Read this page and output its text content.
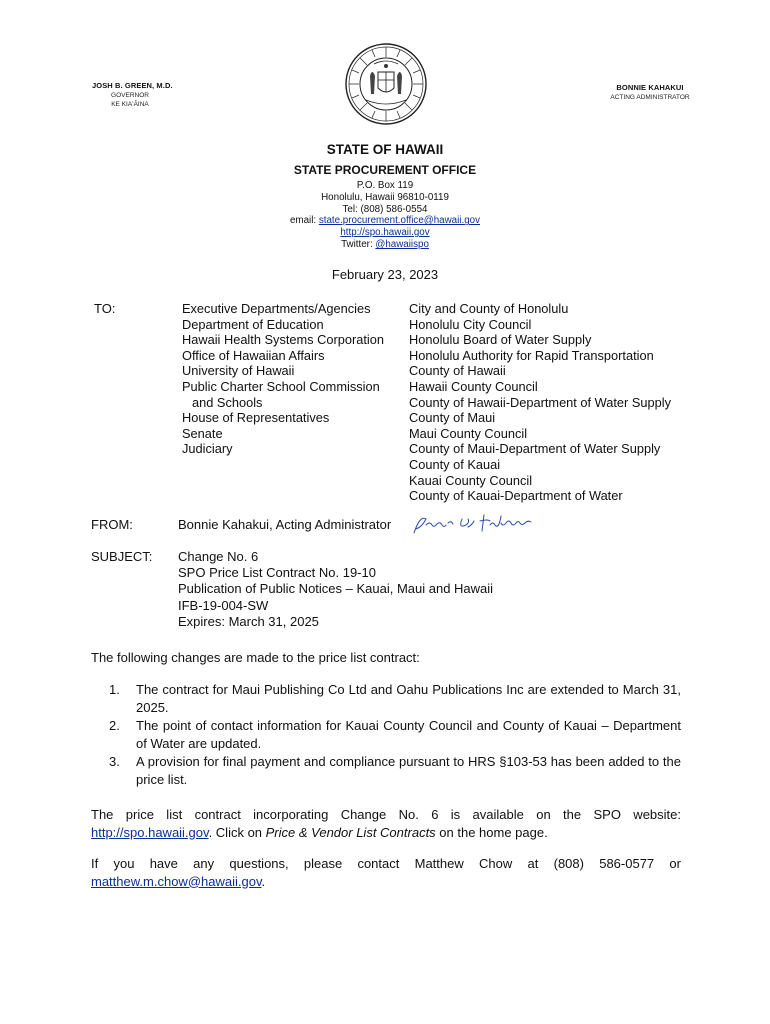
JOSH B. GREEN, M.D.
GOVERNOR
KE KIAʻĀINA
BONNIE KAHAKUI
ACTING ADMINISTRATOR
STATE OF HAWAII
STATE PROCUREMENT OFFICE
P.O. Box 119
Honolulu, Hawaii 96810-0119
Tel: (808) 586-0554
email: state.procurement.office@hawaii.gov
http://spo.hawaii.gov
Twitter: @hawaiispo
February 23, 2023
TO:	Executive Departments/Agencies
Department of Education
Hawaii Health Systems Corporation
Office of Hawaiian Affairs
University of Hawaii
Public Charter School Commission
and Schools
House of Representatives
Senate
Judiciary
City and County of Honolulu
Honolulu City Council
Honolulu Board of Water Supply
Honolulu Authority for Rapid Transportation
County of Hawaii
Hawaii County Council
County of Hawaii-Department of Water Supply
County of Maui
Maui County Council
County of Maui-Department of Water Supply
County of Kauai
Kauai County Council
County of Kauai-Department of Water
FROM:	Bonnie Kahakui, Acting Administrator
SUBJECT: Change No. 6
SPO Price List Contract No. 19-10
Publication of Public Notices – Kauai, Maui and Hawaii
IFB-19-004-SW
Expires: March 31, 2025
The following changes are made to the price list contract:
1. The contract for Maui Publishing Co Ltd and Oahu Publications Inc are extended to March 31, 2025.
2. The point of contact information for Kauai County Council and County of Kauai – Department of Water are updated.
3. A provision for final payment and compliance pursuant to HRS §103-53 has been added to the price list.
The price list contract incorporating Change No. 6 is available on the SPO website: http://spo.hawaii.gov. Click on Price & Vendor List Contracts on the home page.
If you have any questions, please contact Matthew Chow at (808) 586-0577 or
matthew.m.chow@hawaii.gov.
